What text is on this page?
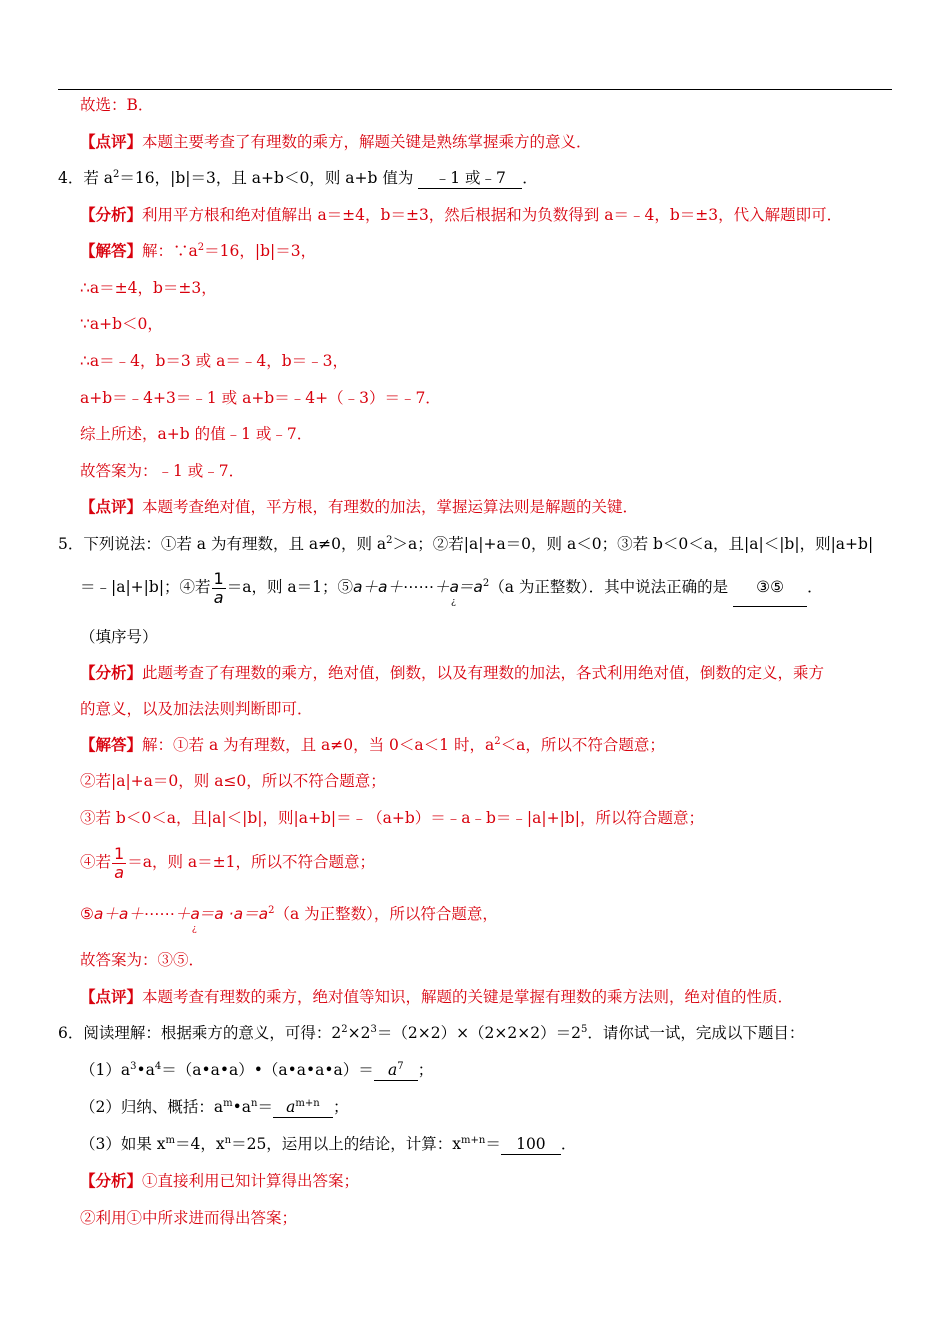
故选：B．
【点评】本题主要考查了有理数的乘方，解题关键是熟练掌握乘方的意义．
4．若 $a^2=16$，|b|＝3，且 a+b＜0，则 a+b 值为 ﹣1 或﹣7 ．
【分析】利用平方根和绝对值解出 a＝±4，b＝±3，然后根据和为负数得到 a＝﹣4，b＝±3，代入解题即可．
【解答】解：$\because a^2=16$，|b|＝3，
∴a＝±4，b＝±3，
∵a+b＜0，
∴a＝﹣4，b＝3 或 a＝﹣4，b＝﹣3，
a+b＝﹣4+3＝﹣1 或 a+b＝﹣4+（﹣3）＝﹣7．
综上所述，a+b 的值﹣1 或﹣7．
故答案为：﹣1 或﹣7．
【点评】本题考查绝对值，平方根，有理数的加法，掌握运算法则是解题的关键．
5．下列说法：①若 a 为有理数，且 a≠0，则 $a^2>a$；②若|a|+a＝0，则 a＜0；③若 b＜0＜a，且|a|＜|b|，则|a+b|
＝﹣|a|+|b|；④若 $\frac{1}{a} =a$，则 a＝1；$⑤a+a+\cdots\cdots+a_¿=a^2(a$ 为正整数）．其中说法正确的是 ③⑤ ．
（填序号）
【分析】此题考查了有理数的乘方，绝对值，倒数，以及有理数的加法，各式利用绝对值，倒数的定义，乘方
的意义，以及加法法则判断即可．
【解答】解：①若 a 为有理数，且 a≠0，当 0＜a＜1 时，$a^2<a$，所以不符合题意；
②若|a|+a＝0，则 a≤0，所以不符合题意；
③若 b＜0＜a，且|a|＜|b|，则|a+b|＝﹣（a+b）＝﹣a﹣b＝﹣|a|+|b|，所以符合题意；
④若 $\frac{1}{a} =a$，则 a＝±1，所以不符合题意；
$⑤a+a+\cdots\cdots+a_¿=a \cdot a=a^2(a$ 为正整数），所以符合题意，
故答案为：③⑤．
【点评】本题考查有理数的乘方，绝对值等知识，解题的关键是掌握有理数的乘方法则，绝对值的性质．
6．阅读理解：根据乘方的意义，可得：$2^2\times 2^3=(2\times 2)\times(2\times 2\times 2)=2^5$．请你试一试，完成以下题目：
$(1)a^3•a^4=(a•a•a)•(a•a•a•a)= a^7$ ；
（2）归纳、概括：$a^m•a^n= a^{m+n}$ ；
（3）如果 $x^m=4$，$x^n=25$，运用以上的结论，计算：$x^{m+n}= 100$ ．
【分析】①直接利用已知计算得出答案；
②利用①中所求进而得出答案；
